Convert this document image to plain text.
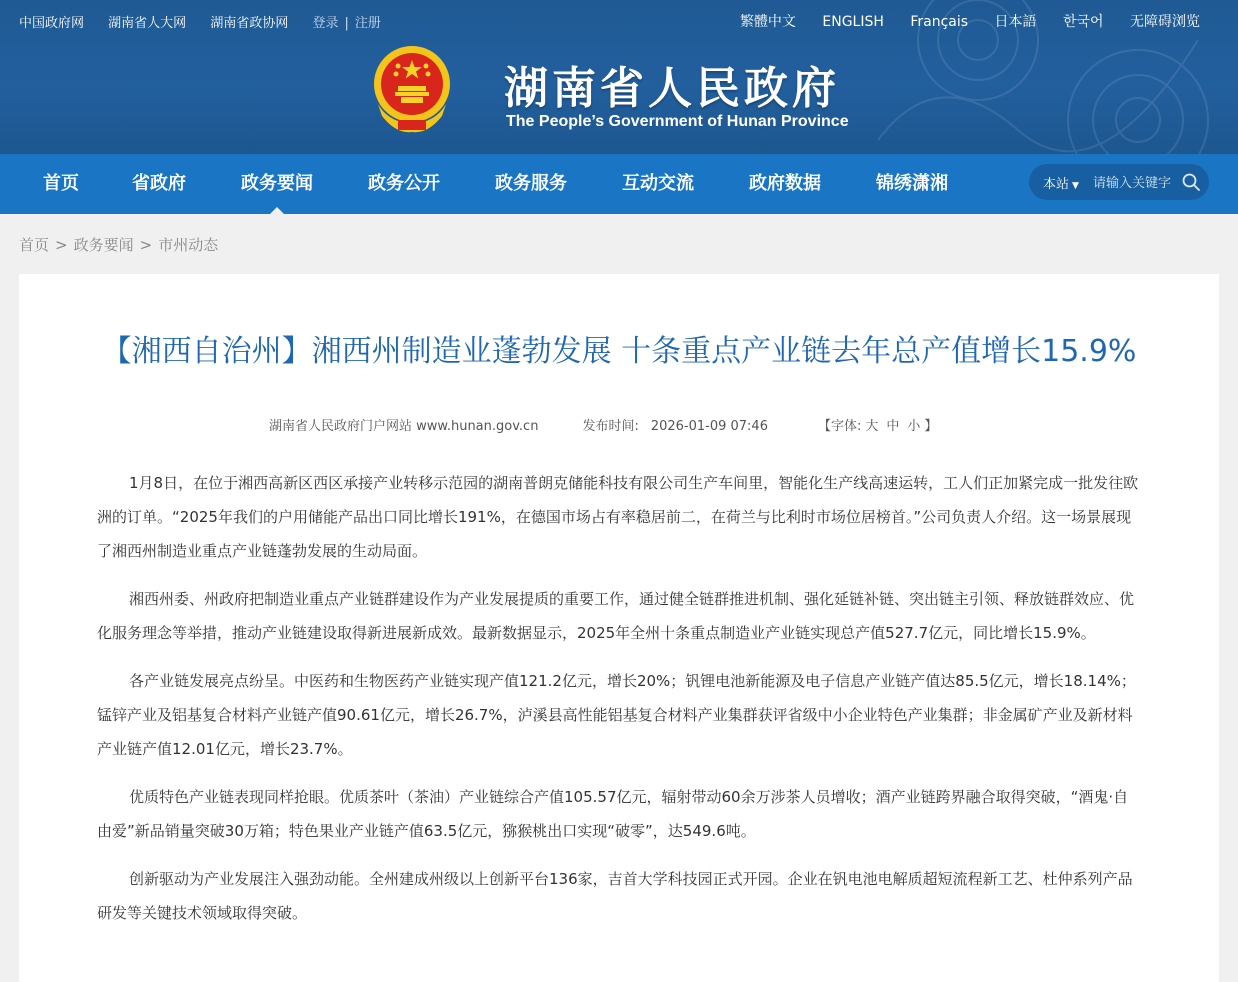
中国政府网 湖南省人大网 湖南省政协网 登录 | 注册	繁體中文 ENGLISH Français 日本語 한국어 无障碍浏览
湖南省人民政府
The People’s Government of Hunan Province
首页	省政府	政务要闻	政务公开	政务服务	互动交流	政府数据	锦绣潇湘	本站 ▼
请输入关键字
首页 > 政务要闻 > 市州动态
【湘西自治州】湘西州制造业蓬勃发展 十条重点产业链去年总产值增长15.9%
湖南省人民政府门户网站 www.hunan.gov.cn	发布时间: 2026-01-09 07:46	【字体: 大 中 小 】

1月8日，在位于湘西高新区西区承接产业转移示范园的湖南普朗克储能科技有限公司生产车间里，智能化生产线高速运转，工人们正加紧完成一批发往欧洲的订单。“2025年我们的户用储能产品出口同比增长191%，在德国市场占有率稳居前二，在荷兰与比利时市场位居榜首。”公司负责人介绍。这一场景展现了湘西州制造业重点产业链蓬勃发展的生动局面。

湘西州委、州政府把制造业重点产业链群建设作为产业发展提质的重要工作，通过健全链群推进机制、强化延链补链、突出链主引领、释放链群效应、优化服务理念等举措，推动产业链建设取得新进展新成效。最新数据显示，2025年全州十条重点制造业产业链实现总产值527.7亿元，同比增长15.9%。

各产业链发展亮点纷呈。中医药和生物医药产业链实现产值121.2亿元，增长20%；钒锂电池新能源及电子信息产业链产值达85.5亿元，增长18.14%；锰锌产业及铝基复合材料产业链产值90.61亿元，增长26.7%，泸溪县高性能铝基复合材料产业集群获评省级中小企业特色产业集群；非金属矿产业及新材料产业链产值12.01亿元，增长23.7%。

优质特色产业链表现同样抢眼。优质茶叶（茶油）产业链综合产值105.57亿元，辐射带动60余万涉茶人员增收；酒产业链跨界融合取得突破，“酒鬼·自由爱”新品销量突破30万箱；特色果业产业链产值63.5亿元，猕猴桃出口实现“破零”，达549.6吨。

创新驱动为产业发展注入强劲动能。全州建成州级以上创新平台136家，吉首大学科技园正式开园。企业在钒电池电解质超短流程新工艺、杜仲系列产品研发等关键技术领域取得突破。
